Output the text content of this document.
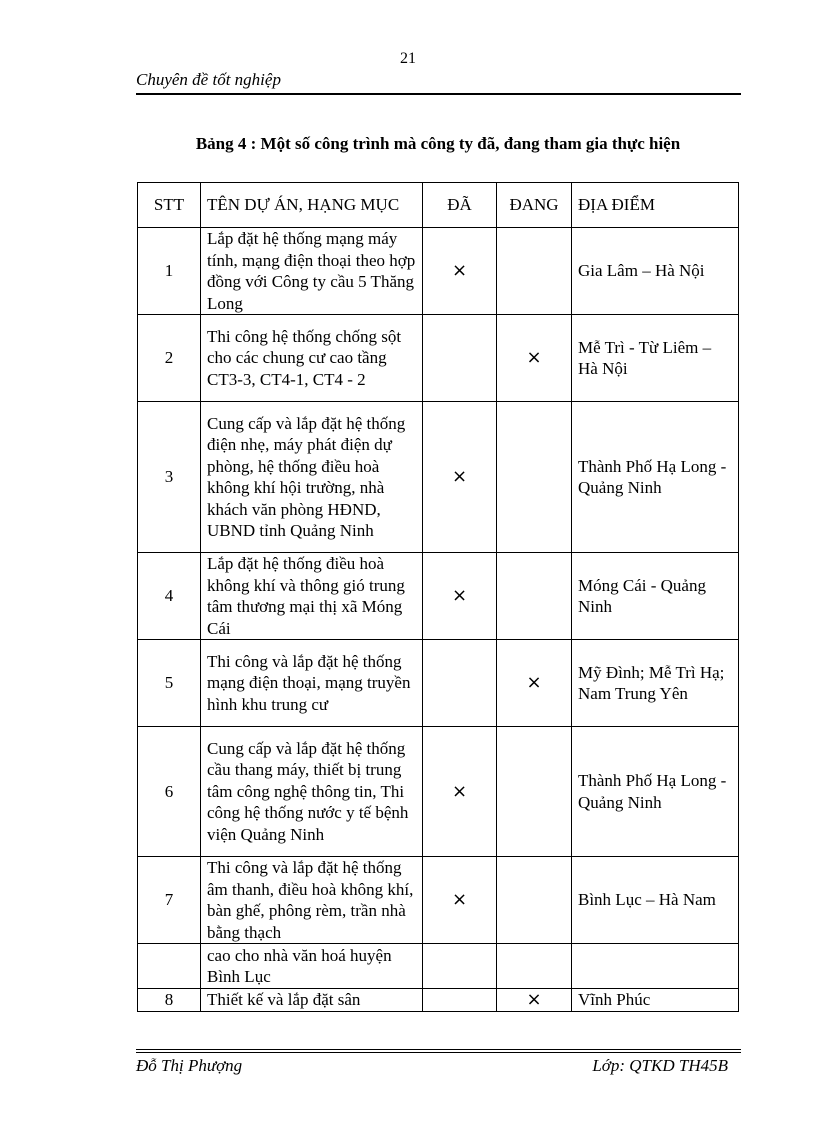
21
Chuyên đề tốt nghiệp
Bảng 4 : Một số công trình mà công ty đã, đang tham gia thực hiện
STT	TÊN DỰ ÁN, HẠNG MỤC	ĐÃ	ĐANG	ĐỊA ĐIỂM
1	Lắp đặt hệ thống mạng máy tính, mạng điện thoại theo hợp đồng với Công ty cầu 5 Thăng Long	×		Gia Lâm – Hà Nội
2	Thi công hệ thống chống sột cho các chung cư cao tầng CT3-3, CT4-1, CT4 - 2		×	Mễ Trì - Từ Liêm – Hà Nội
3	Cung cấp và lắp đặt hệ thống điện nhẹ, máy phát điện dự phòng, hệ thống điều hoà không khí hội trường, nhà khách văn phòng HĐND, UBND tỉnh Quảng Ninh	×		Thành Phố Hạ Long - Quảng Ninh
4	Lắp đặt hệ thống điều hoà không khí và thông gió trung tâm thương mại thị xã Móng Cái	×		Móng Cái - Quảng Ninh
5	Thi công và lắp đặt hệ thống mạng điện thoại, mạng truyền hình khu trung cư		×	Mỹ Đình; Mễ Trì Hạ; Nam Trung Yên
6	Cung cấp và lắp đặt hệ thống cầu thang máy, thiết bị trung tâm công nghệ thông tin, Thi công hệ thống nước y tế bệnh viện Quảng Ninh	×		Thành Phố Hạ Long - Quảng Ninh
7	Thi công và lắp đặt hệ thống âm thanh, điều hoà không khí, bàn ghế, phông rèm, trần nhà bằng thạch	×		Bình Lục – Hà Nam
	cao cho nhà văn hoá huyện Bình Lục			
8	Thiết kế và lắp đặt sân		×	Vĩnh Phúc
Đỗ Thị Phượng	Lớp: QTKD TH45B
